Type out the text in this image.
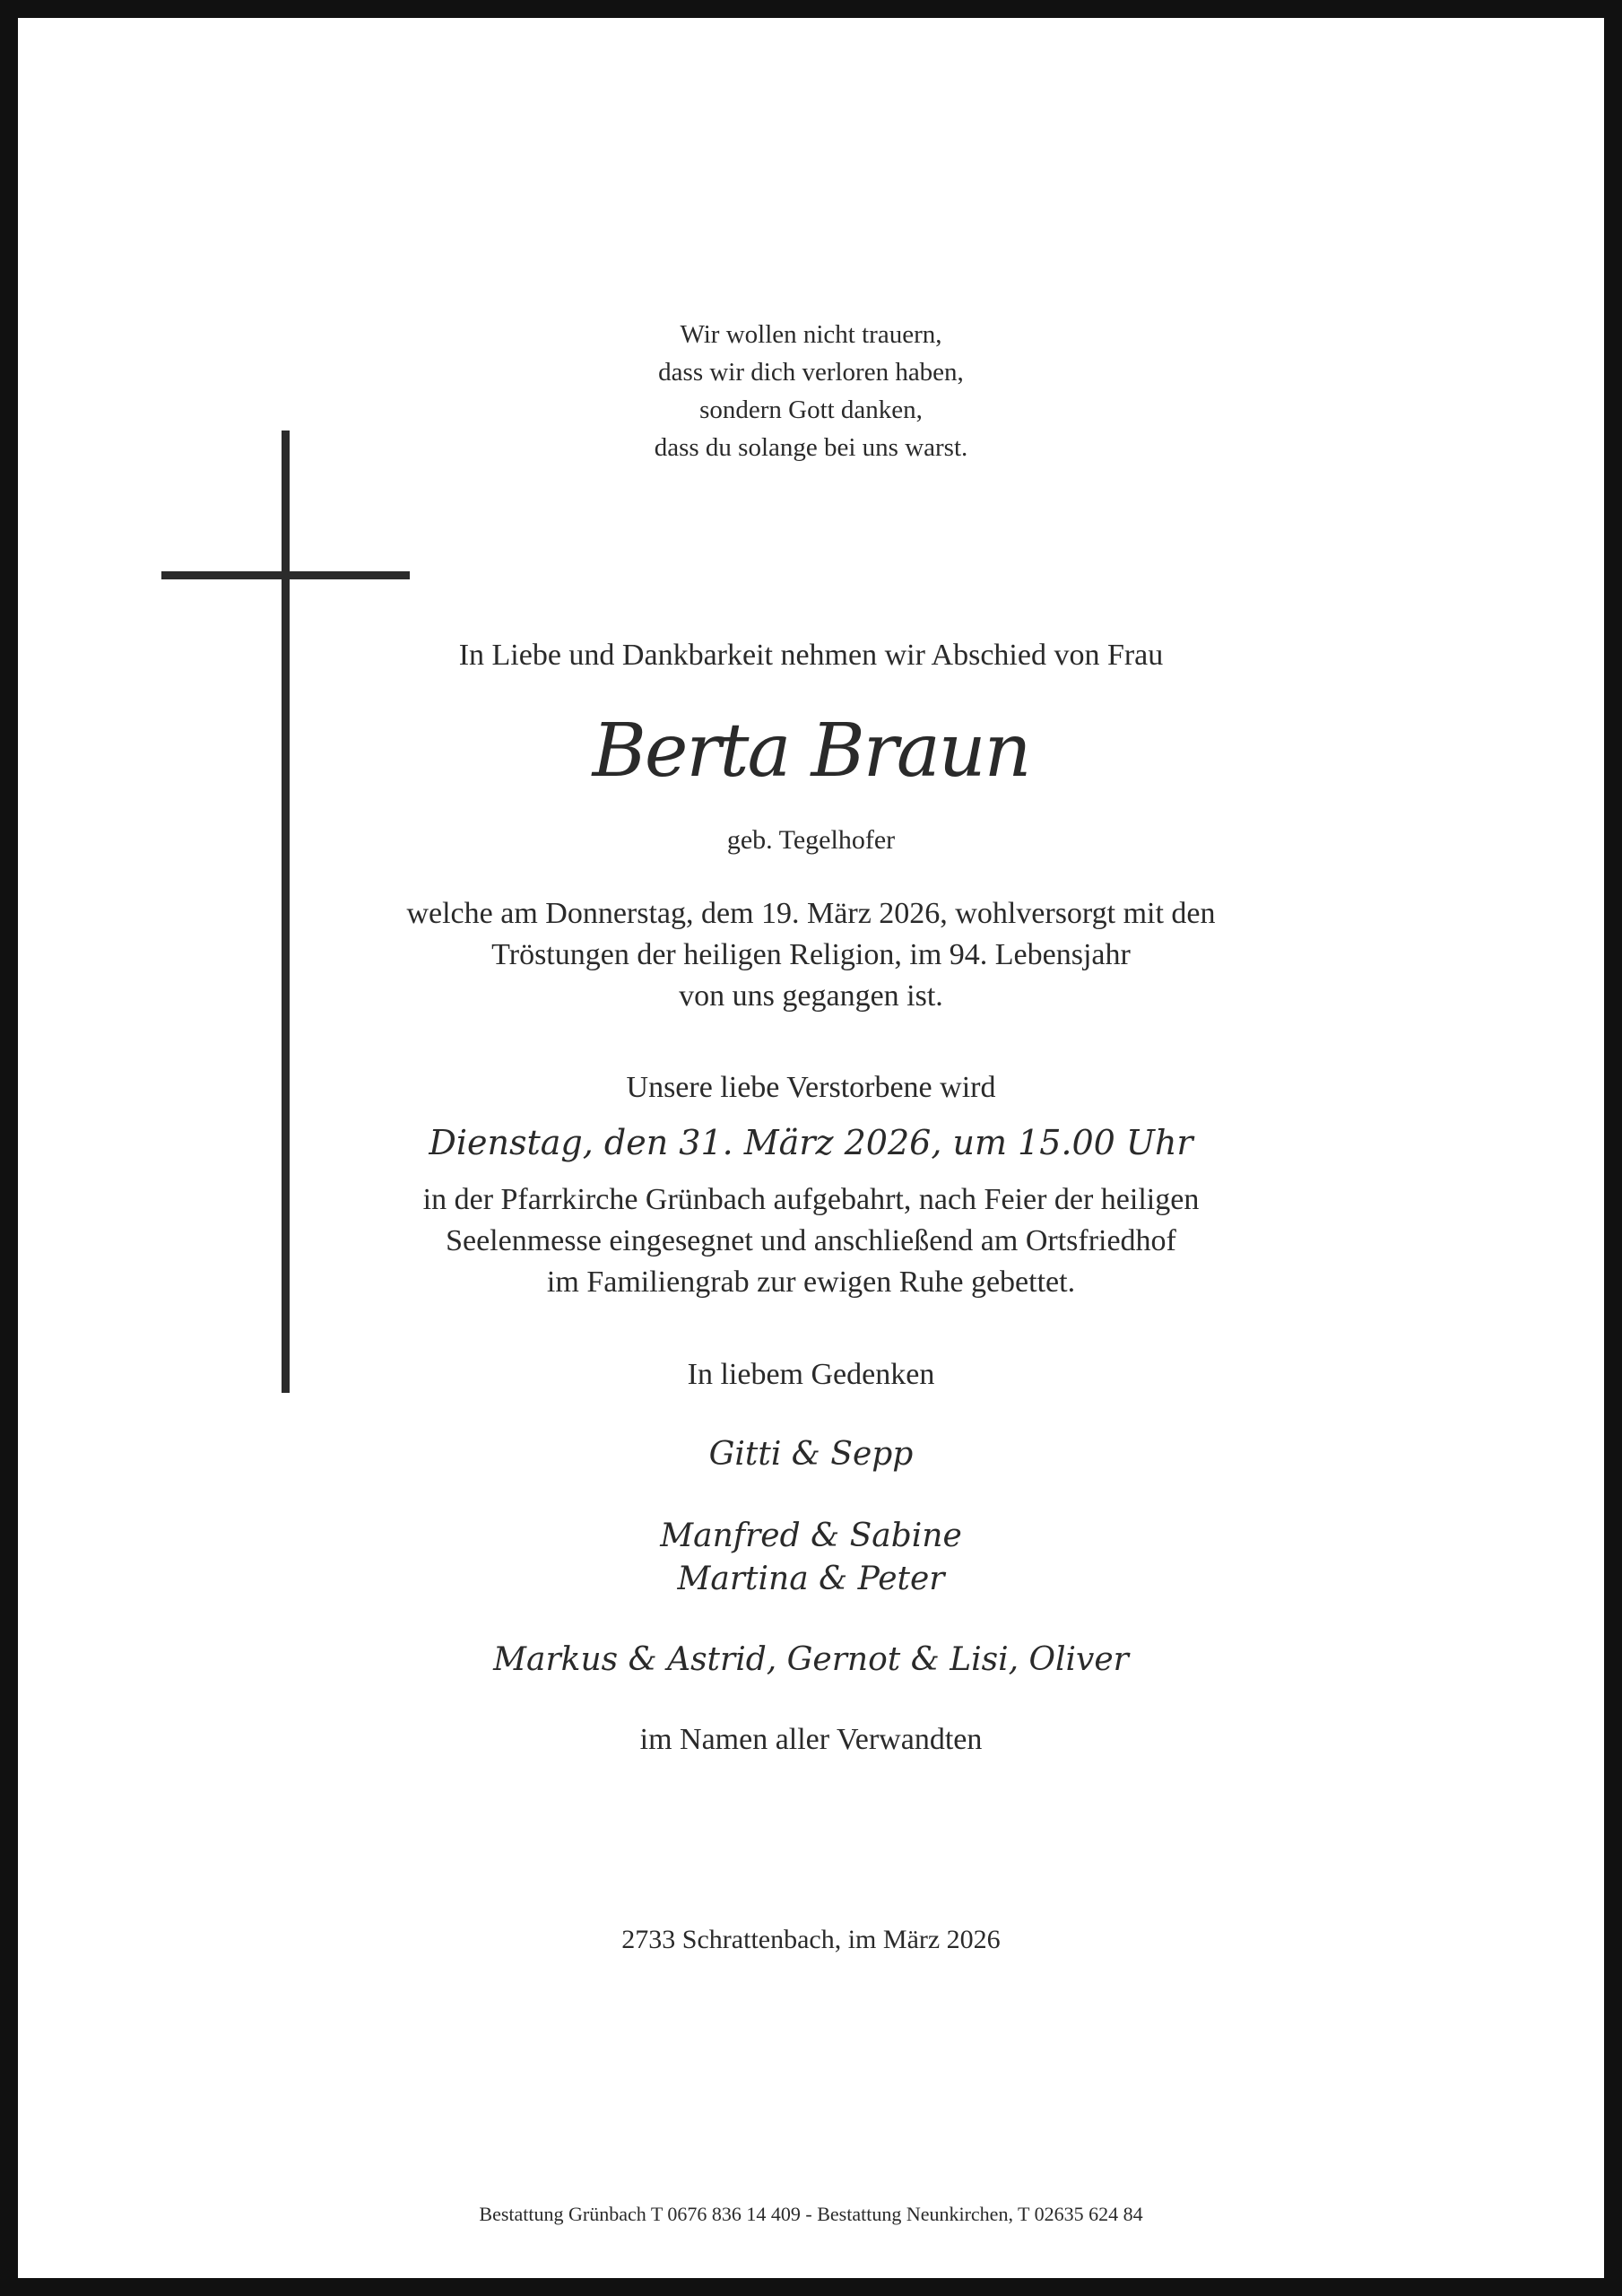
Wir wollen nicht trauern,

dass wir dich verloren haben,

sondern Gott danken,

dass du solange bei uns warst.

In Liebe und Dankbarkeit nehmen wir Abschied von Frau

Berta Braun

geb. Tegelhofer

welche am Donnerstag, dem 19. März 2026, wohlversorgt mit den

Tröstungen der heiligen Religion, im 94. Lebensjahr

von uns gegangen ist.

Unsere liebe Verstorbene wird

Dienstag, den 31. März 2026, um 15.00 Uhr

in der Pfarrkirche Grünbach aufgebahrt, nach Feier der heiligen

Seelenmesse eingesegnet und anschließend am Ortsfriedhof

im Familiengrab zur ewigen Ruhe gebettet.

In liebem Gedenken

Gitti & Sepp

Manfred & Sabine

Martina & Peter

Markus & Astrid, Gernot & Lisi, Oliver

im Namen aller Verwandten

2733 Schrattenbach, im März 2026

Bestattung Grünbach T 0676 836 14 409 - Bestattung Neunkirchen, T 02635 624 84
